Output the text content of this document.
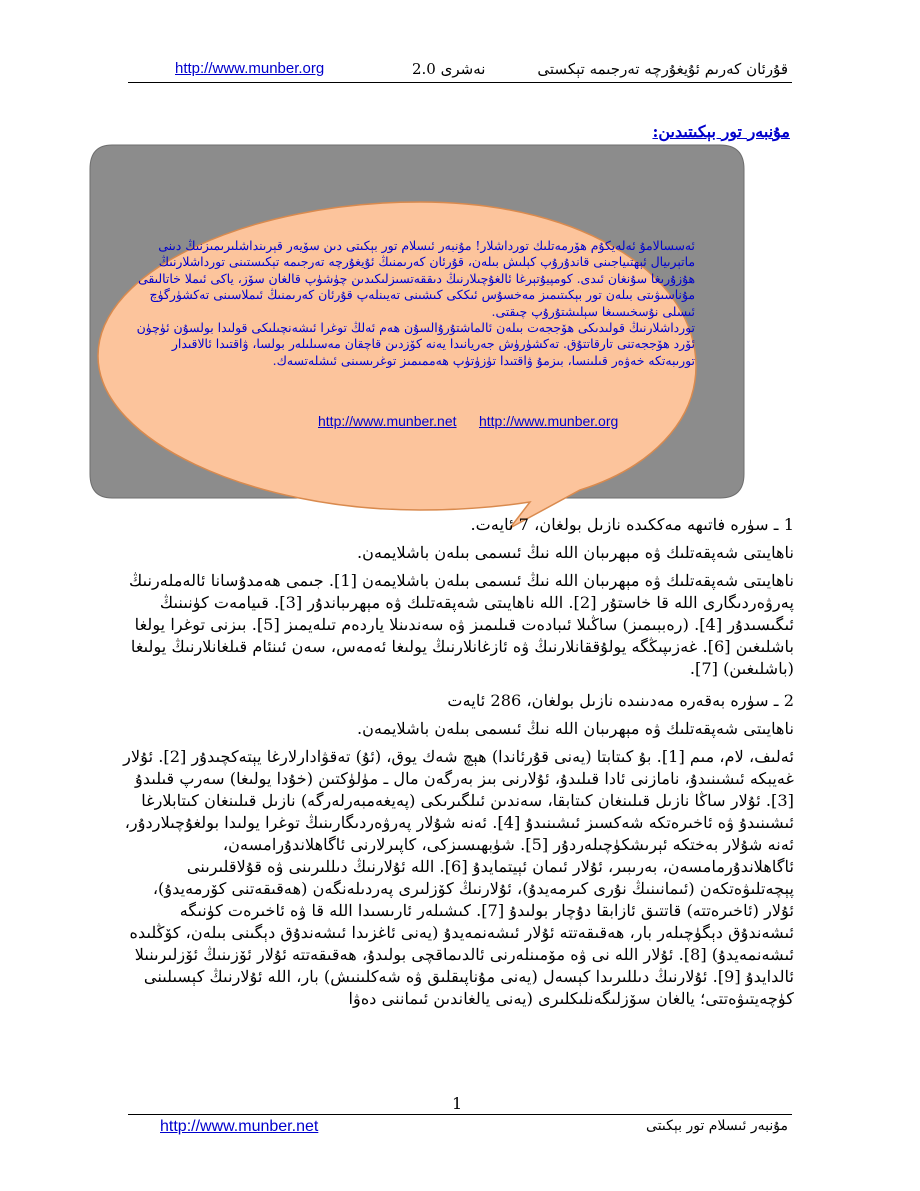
http://www.munber.org	نەشرى 2.0	قۇرئان كەرىم ئۇيغۇرچە تەرجىمە تېكستى
مۇنبەر تور بېكىتىدىن:

ئەسسالامۇ ئەلەيكۇم ھۆرمەتلىك تورداشلار! مۇنبەر ئىسلام تور بېكىتى دىن سۆيەر قېرىنداشلىرىمىزنىڭ دىنى ماتېرىيال ئېھتىياجىنى قاندۇرۇپ كېلىش بىلەن، قۇرئان كەرىمنىڭ ئۇيغۇرچە تەرجىمە تېكىستىنى تورداشلارنىڭ ھۇزۇرىغا سۇنغان ئىدى. كومپيۇتېرغا ئالغۇچىلارنىڭ دىققەتسىزلىكىدىن چۈشۈپ قالغان سۆز، ياكى ئىملا خاتالىقى مۇناسىۋىتى بىلەن تور بېكىتىمىز مەخسۇس ئىككى كىشىنى تەيىنلەپ قۇرئان كەرىمنىڭ ئىملاسىنى تەكشۈرگۈچ ئىسلى نۇسخىسىغا سېلىشتۇرۇپ چىقتى.

تورداشلارنىڭ قولىدىكى ھۆججەت بىلەن ئالماشتۇرۇالسۇن ھەم ئەلڭ توغرا ئىشەنچىلىكى قولىدا بولسۇن ئۈچۈن ئۆرد ھۆججەتنى تارقاتتۇق. تەكشۈرۈش جەريانىدا يەنە كۆزدىن قاچقان مەسىلىلەر بولسا، ۋاقتىدا ئالاقىدار تورىبەتكە خەۋەر قىلىنسا، بىزمۇ ۋاقتىدا تۈزۈتۈپ ھەممىمىز توغرىسىنى ئىشلەتسەك.

http://www.munber.net http://www.munber.org

1 ـ سۈرە فاتىھە مەككىدە نازىل بولغان، 7 ئايەت.

ناھايىتى شەپقەتلىك ۋە مېھرىبان اللە نىڭ ئىسمى بىلەن باشلايمەن.

ناھايىتى شەپقەتلىك ۋە مېھرىبان اللە نىڭ ئىسمى بىلەن باشلايمەن [1]. جىمى ھەمدۇسانا ئالەملەرنىڭ پەرۋەردىگارى اللە قا خاستۇر [2]. اللە ناھايىتى شەپقەتلىك ۋە مېھرىباندۇر [3]. قىيامەت كۈنىنىڭ ئىگىسىدۇر [4]. (رەببىمىز) ساڭىلا ئىبادەت قىلىمىز ۋە سەندىنلا ياردەم تىلەيمىز [5]. بىزنى توغرا يولغا باشلىغىن [6]. غەزىپىڭگە يولۇققانلارنىڭ ۋە ئازغانلارنىڭ يولىغا ئەمەس، سەن ئىنئام قىلغانلارنىڭ يولىغا (باشلىغىن) [7].

2 ـ سۈرە بەقەرە مەدىنىدە نازىل بولغان، 286 ئايەت

ناھايىتى شەپقەتلىك ۋە مېھرىبان اللە نىڭ ئىسمى بىلەن باشلايمەن.

ئەلىف، لام، مىم [1]. بۇ كىتابتا (يەنى قۇرئاندا) ھېچ شەك يوق، (ئۇ) تەقۋادارلارغا يېتەكچىدۇر [2]. ئۇلار غەيبكە ئىشىنىدۇ، نامازنى ئادا قىلىدۇ، ئۇلارنى بىز بەرگەن مال ـ مۈلۈكتىن (خۇدا يولىغا) سەرپ قىلىدۇ [3]. ئۇلار ساڭا نازىل قىلىنغان كىتابقا، سەندىن ئىلگىرىكى (پەيغەمبەرلەرگە) نازىل قىلىنغان كىتابلارغا ئىشىنىدۇ ۋە ئاخىرەتكە شەكسىز ئىشىنىدۇ [4]. ئەنە شۇلار پەرۋەردىگارىنىڭ توغرا يولىدا بولغۇچىلاردۇر، ئەنە شۇلار بەختكە ئېرىشكۈچىلەردۇر [5]. شۈبھىسىزكى، كاپىرلارنى ئاگاھلاندۇرامسەن، ئاگاھلاندۇرمامسەن، بەرىبىر، ئۇلار ئىمان ئېيتمايدۇ [6]. اللە ئۇلارنىڭ دىللىرىنى ۋە قۇلاقلىرىنى پېچەتلىۋەتكەن (ئىمانىنىڭ نۇرى كىرمەيدۇ)، ئۇلارنىڭ كۆزلىرى پەردىلەنگەن (ھەقىقەتنى كۆرمەيدۇ)، ئۇلار (ئاخىرەتتە) قاتتىق ئازابقا دۇچار بولىدۇ [7]. كىشىلەر ئارىسىدا اللە قا ۋە ئاخىرەت كۈنىگە ئىشەندۇق دېگۈچىلەر بار، ھەقىقەتتە ئۇلار ئىشەنمەيدۇ (يەنى ئاغزىدا ئىشەندۇق دېگىنى بىلەن، كۆڭلىدە ئىشەنمەيدۇ) [8]. ئۇلار اللە نى ۋە مۆمىنلەرنى ئالدىماقچى بولىدۇ، ھەقىقەتتە ئۇلار ئۆزىنىڭ ئۆزلىرىنىلا ئالدايدۇ [9]. ئۇلارنىڭ دىللىرىدا كېسەل (يەنى مۇناپىقلىق ۋە شەكلىنىش) بار، اللە ئۇلارنىڭ كېسىلىنى كۈچەيتىۋەتتى؛ يالغان سۆزلىگەنلىكلىرى (يەنى يالغاندىن ئىماننى دەۋا

1
http://www.munber.net	مۇنبەر ئىسلام تور بېكىتى
